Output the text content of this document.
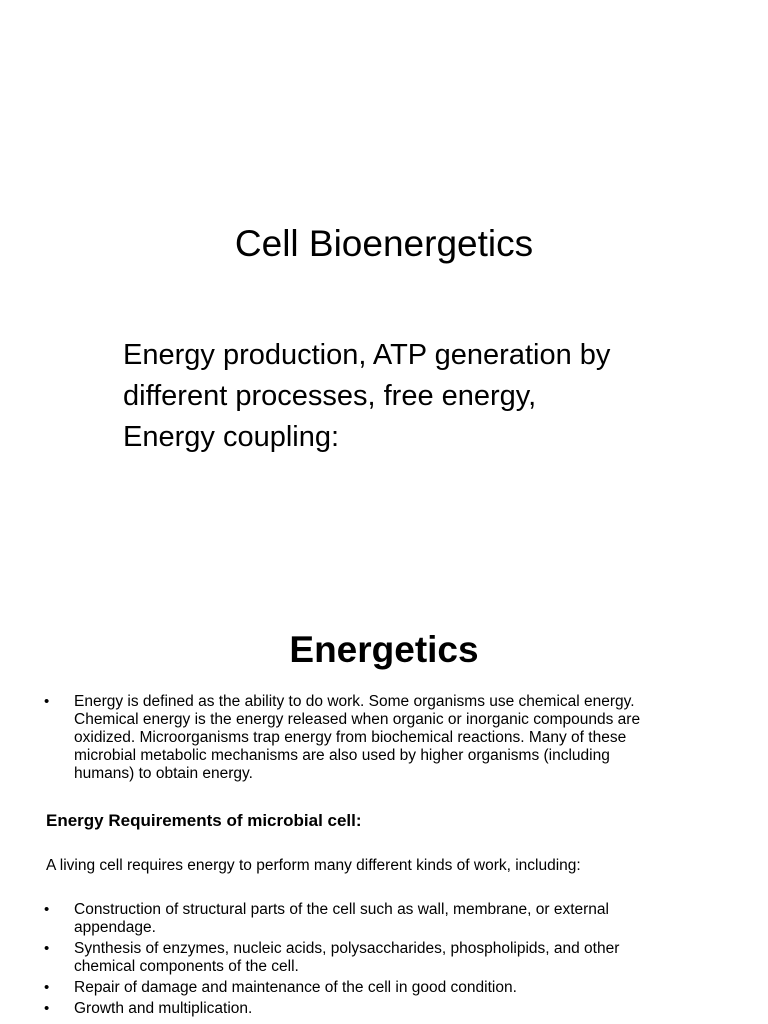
Cell Bioenergetics
Energy production, ATP generation by
different processes, free energy,
Energy coupling:
Energetics
• Energy is defined as the ability to do work. Some organisms use chemical energy.
Chemical energy is the energy released when organic or inorganic compounds are
oxidized. Microorganisms trap energy from biochemical reactions. Many of these
microbial metabolic mechanisms are also used by higher organisms (including
humans) to obtain energy.
Energy Requirements of microbial cell:
A living cell requires energy to perform many different kinds of work, including:
• Construction of structural parts of the cell such as wall, membrane, or external
appendage.
• Synthesis of enzymes, nucleic acids, polysaccharides, phospholipids, and other
chemical components of the cell.
• Repair of damage and maintenance of the cell in good condition.
• Growth and multiplication.
